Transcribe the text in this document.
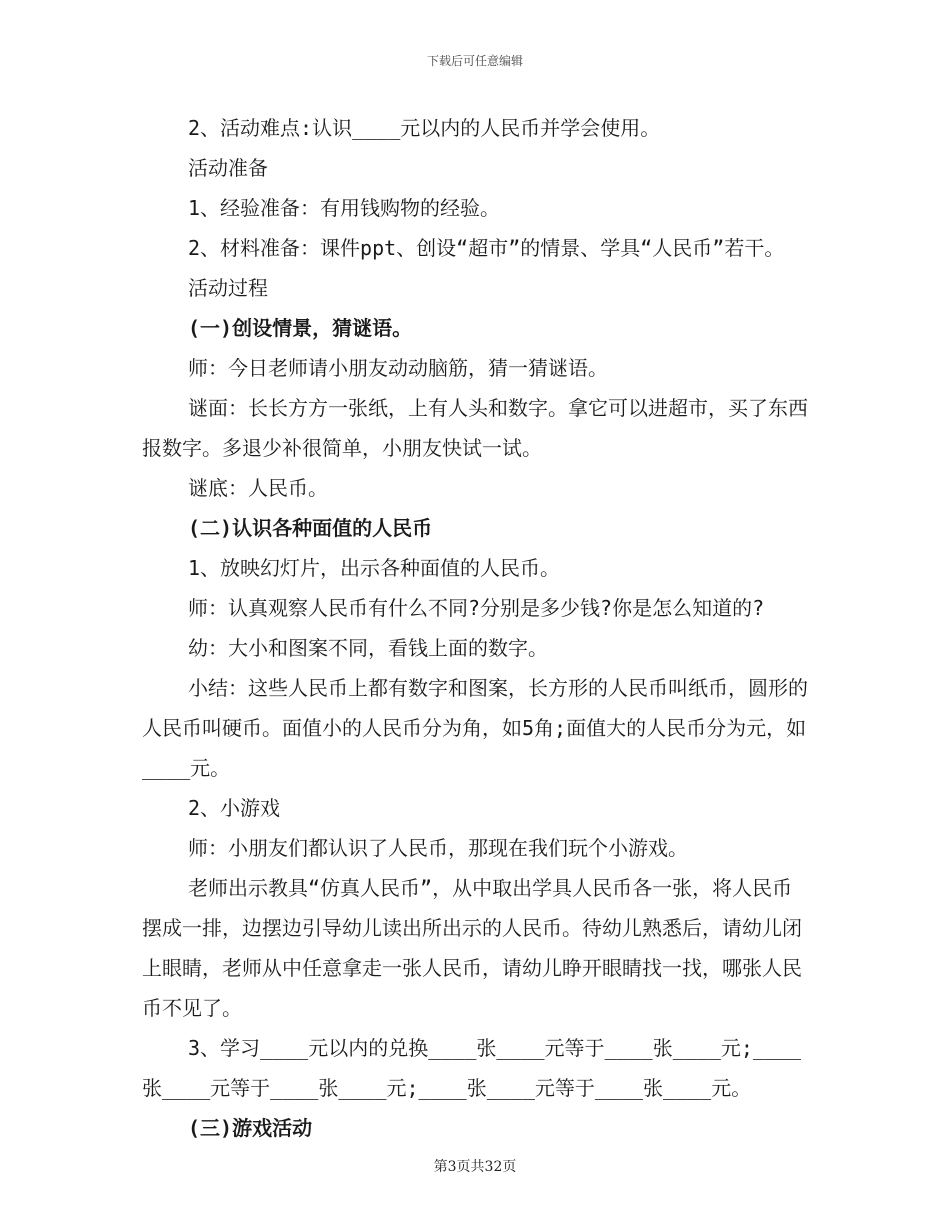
下载后可任意编辑

2、活动难点:认识____元以内的人民币并学会使用。

活动准备

1、经验准备：有用钱购物的经验。

2、材料准备：课件ppt、创设“超市”的情景、学具“人民币”若干。

活动过程

(一)创设情景，猜谜语。

师：今日老师请小朋友动动脑筋，猜一猜谜语。

谜面：长长方方一张纸，上有人头和数字。拿它可以进超市，买了东西报数字。多退少补很简单，小朋友快试一试。

谜底：人民币。

(二)认识各种面值的人民币

1、放映幻灯片，出示各种面值的人民币。

师：认真观察人民币有什么不同?分别是多少钱?你是怎么知道的?

幼：大小和图案不同，看钱上面的数字。

小结：这些人民币上都有数字和图案，长方形的人民币叫纸币，圆形的人民币叫硬币。面值小的人民币分为角，如5角;面值大的人民币分为元，如____元。

2、小游戏

师：小朋友们都认识了人民币，那现在我们玩个小游戏。

老师出示教具“仿真人民币”，从中取出学具人民币各一张，将人民币摆成一排，边摆边引导幼儿读出所出示的人民币。待幼儿熟悉后，请幼儿闭上眼睛，老师从中任意拿走一张人民币，请幼儿睁开眼睛找一找，哪张人民币不见了。

3、学习____元以内的兑换____张____元等于____张____元;____张____元等于____张____元;____张____元等于____张____元。

(三)游戏活动

第3页共32页
